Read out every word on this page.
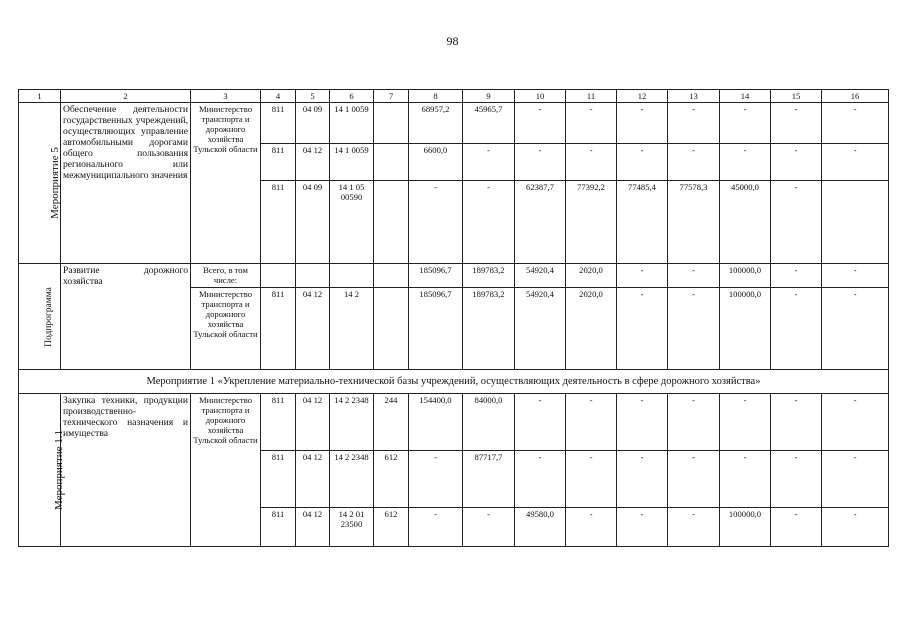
98
1	2	3	4	5	6	7	8	9	10	11	12	13	14	15	16
Мероприятие 5	Обеспечение деятельности государственных учреждений, осуществляющих управление автомобильными дорогами общего пользования регионального или межмуниципального значения	Министерство транспорта и дорожного хозяйства Тульской области	811	04 09	14 1 0059		68957,2	45965,7	-	-	-	-	-	-	-
			811	04 12	14 1 0059		6600,0	-	-	-	-	-	-	-	-
			811	04 09	14 1 05 00590		-	-	62387,7	77392,2	77485,4	77578,3	45000,0	-	
Подпрограмма	Развитие дорожного хозяйства	Всего, в том числе:					185096,7	189783,2	54920,4	2020,0	-	-	100000,0	-	-
		Министерство транспорта и дорожного хозяйства Тульской области	811	04 12	14 2		185096,7	189783,2	54920,4	2020,0	-	-	100000,0	-	-
Мероприятие 1 «Укрепление материально-технической базы учреждений, осуществляющих деятельность в сфере дорожного хозяйства»															
Мероприятие 1.1	Закупка техники, продукции производственно-технического назначения и имущества	Министерство транспорта и дорожного хозяйства Тульской области	811	04 12	14 2 2348	244	154400,0	84000,0	-	-	-	-	-	-	-
			811	04 12	14 2 2348	612	-	87717,7	-	-	-	-	-	-	-
			811	04 12	14 2 01 23500	612	-	-	49580,0	-	-	-	100000,0	-	-
